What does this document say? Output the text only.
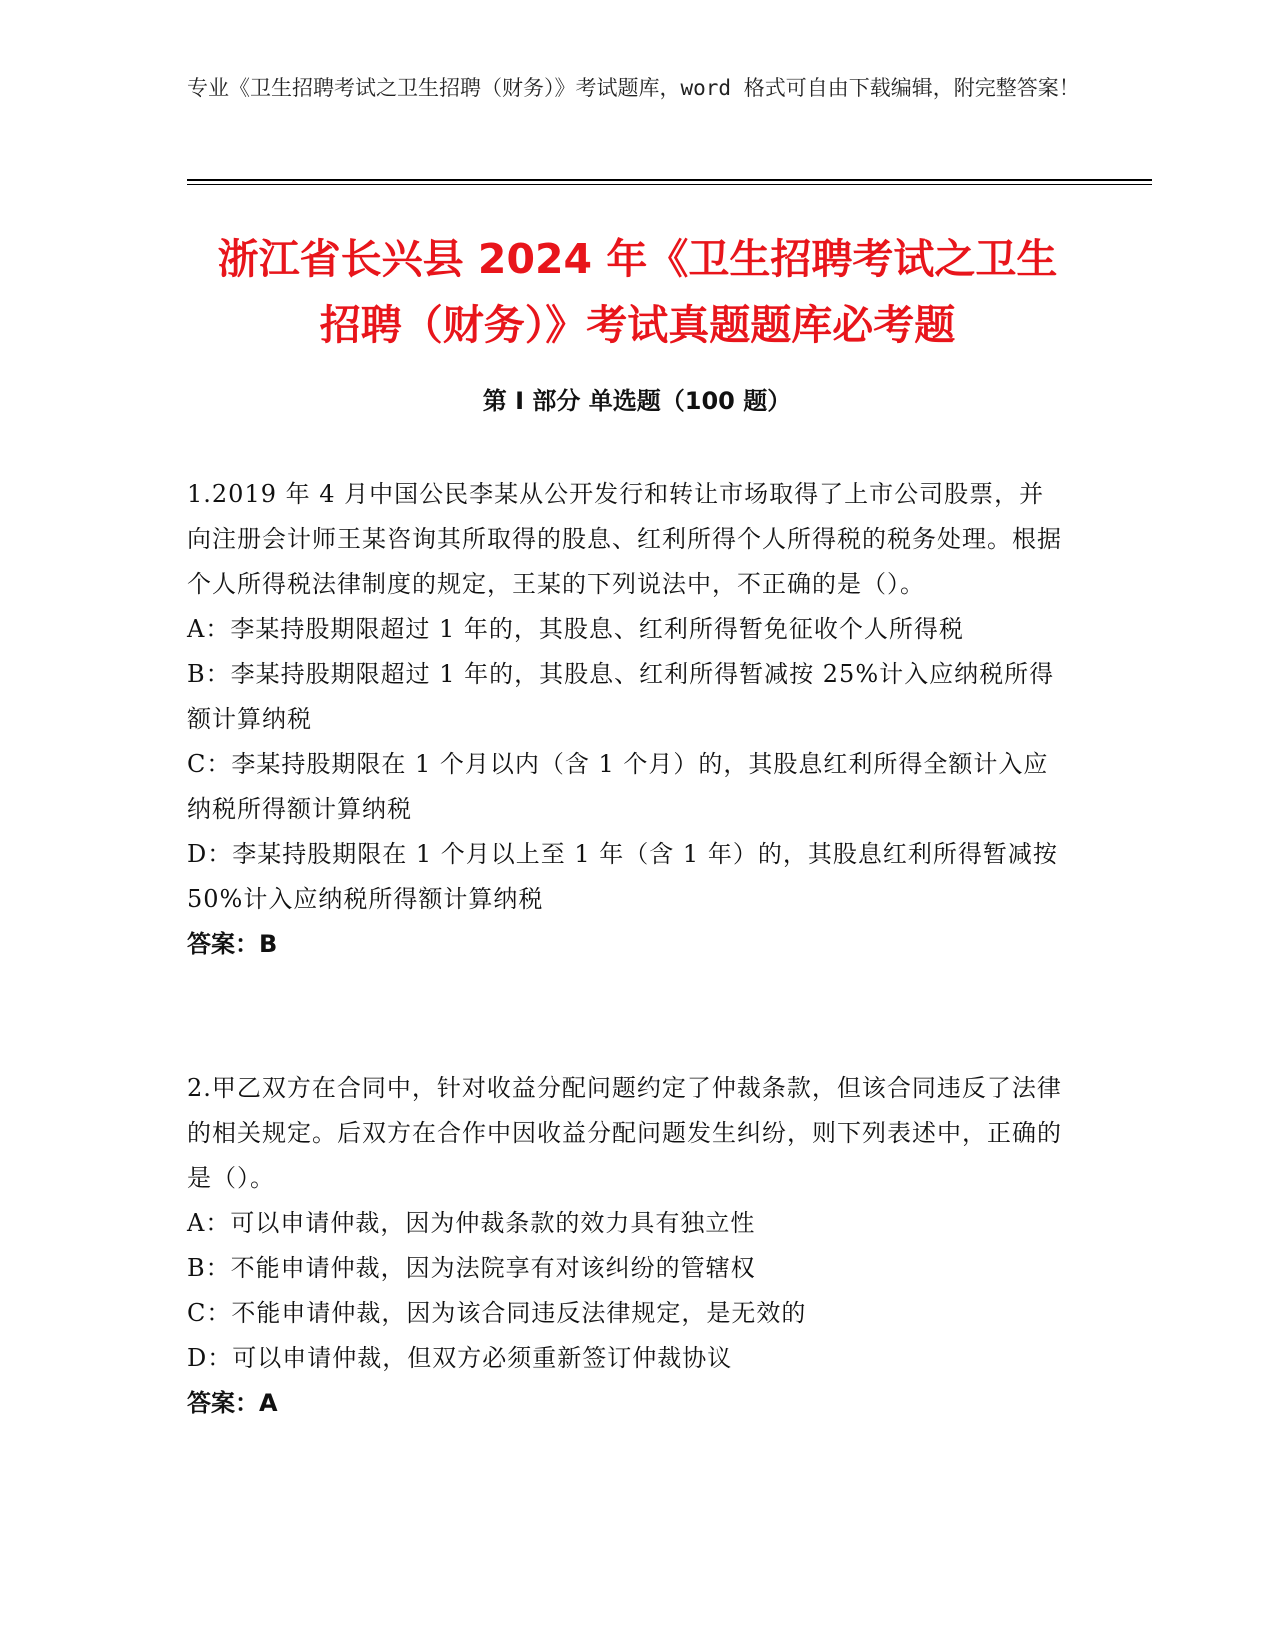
专业《卫生招聘考试之卫生招聘（财务）》考试题库，word 格式可自由下载编辑，附完整答案！
浙江省长兴县 2024 年《卫生招聘考试之卫生
招聘（财务）》考试真题题库必考题
第 I 部分 单选题（100 题）

1.2019 年 4 月中国公民李某从公开发行和转让市场取得了上市公司股票，并向注册会计师王某咨询其所取得的股息、红利所得个人所得税的税务处理。根据个人所得税法律制度的规定，王某的下列说法中，不正确的是（）。

A：李某持股期限超过 1 年的，其股息、红利所得暂免征收个人所得税

B：李某持股期限超过 1 年的，其股息、红利所得暂减按 25%计入应纳税所得额计算纳税

C：李某持股期限在 1 个月以内（含 1 个月）的，其股息红利所得全额计入应纳税所得额计算纳税

D：李某持股期限在 1 个月以上至 1 年（含 1 年）的，其股息红利所得暂减按 50%计入应纳税所得额计算纳税

答案：B

2.甲乙双方在合同中，针对收益分配问题约定了仲裁条款，但该合同违反了法律的相关规定。后双方在合作中因收益分配问题发生纠纷，则下列表述中，正确的是（）。

A：可以申请仲裁，因为仲裁条款的效力具有独立性

B：不能申请仲裁，因为法院享有对该纠纷的管辖权

C：不能申请仲裁，因为该合同违反法律规定，是无效的

D：可以申请仲裁，但双方必须重新签订仲裁协议

答案：A
